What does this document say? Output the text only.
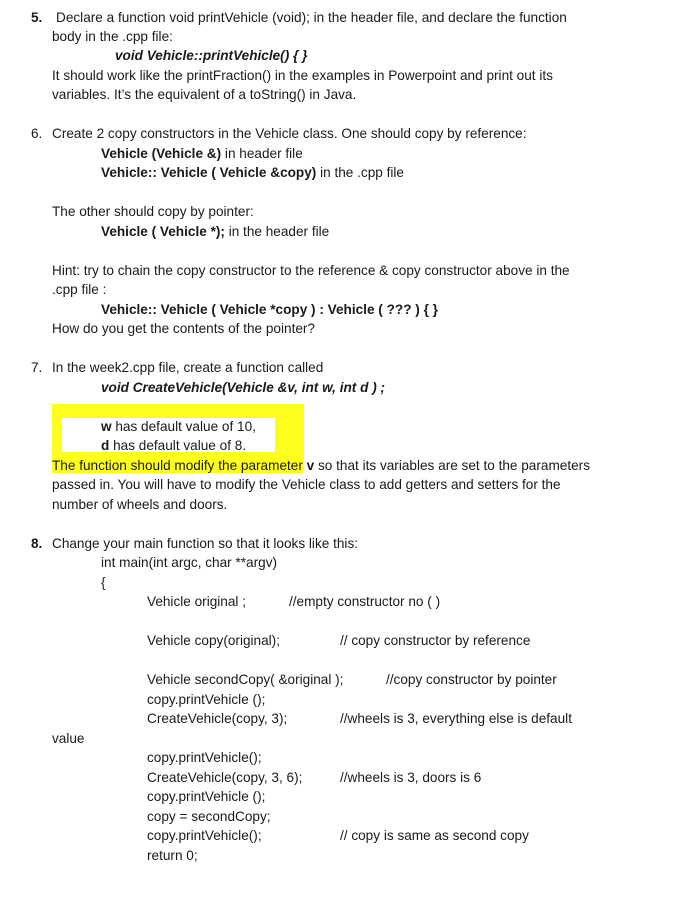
5. Declare a function void printVehicle (void); in the header file, and declare the function
body in the .cpp file:
void Vehicle::printVehicle() { }
It should work like the printFraction() in the examples in Powerpoint and print out its
variables. It’s the equivalent of a toString() in Java.
6. Create 2 copy constructors in the Vehicle class. One should copy by reference:
Vehicle (Vehicle &) in header file
Vehicle:: Vehicle ( Vehicle &copy) in the .cpp file
The other should copy by pointer:
Vehicle ( Vehicle *); in the header file
Hint: try to chain the copy constructor to the reference & copy constructor above in the
.cpp file :
Vehicle:: Vehicle ( Vehicle *copy ) : Vehicle ( ??? ) { }
How do you get the contents of the pointer?
7. In the week2.cpp file, create a function called
void CreateVehicle(Vehicle &v, int w, int d ) ;
w has default value of 10,
d has default value of 8.
The function should modify the parameter v so that its variables are set to the parameters
passed in. You will have to modify the Vehicle class to add getters and setters for the
number of wheels and doors.
8. Change your main function so that it looks like this:
int main(int argc, char **argv)
{
Vehicle original ;	//empty constructor no ( )
Vehicle copy(original);	// copy constructor by reference
Vehicle secondCopy( &original );	//copy constructor by pointer
copy.printVehicle ();
CreateVehicle(copy, 3);	//wheels is 3, everything else is default
value
copy.printVehicle();
CreateVehicle(copy, 3, 6);	//wheels is 3, doors is 6
copy.printVehicle ();
copy = secondCopy;
copy.printVehicle();	// copy is same as second copy
return 0;
